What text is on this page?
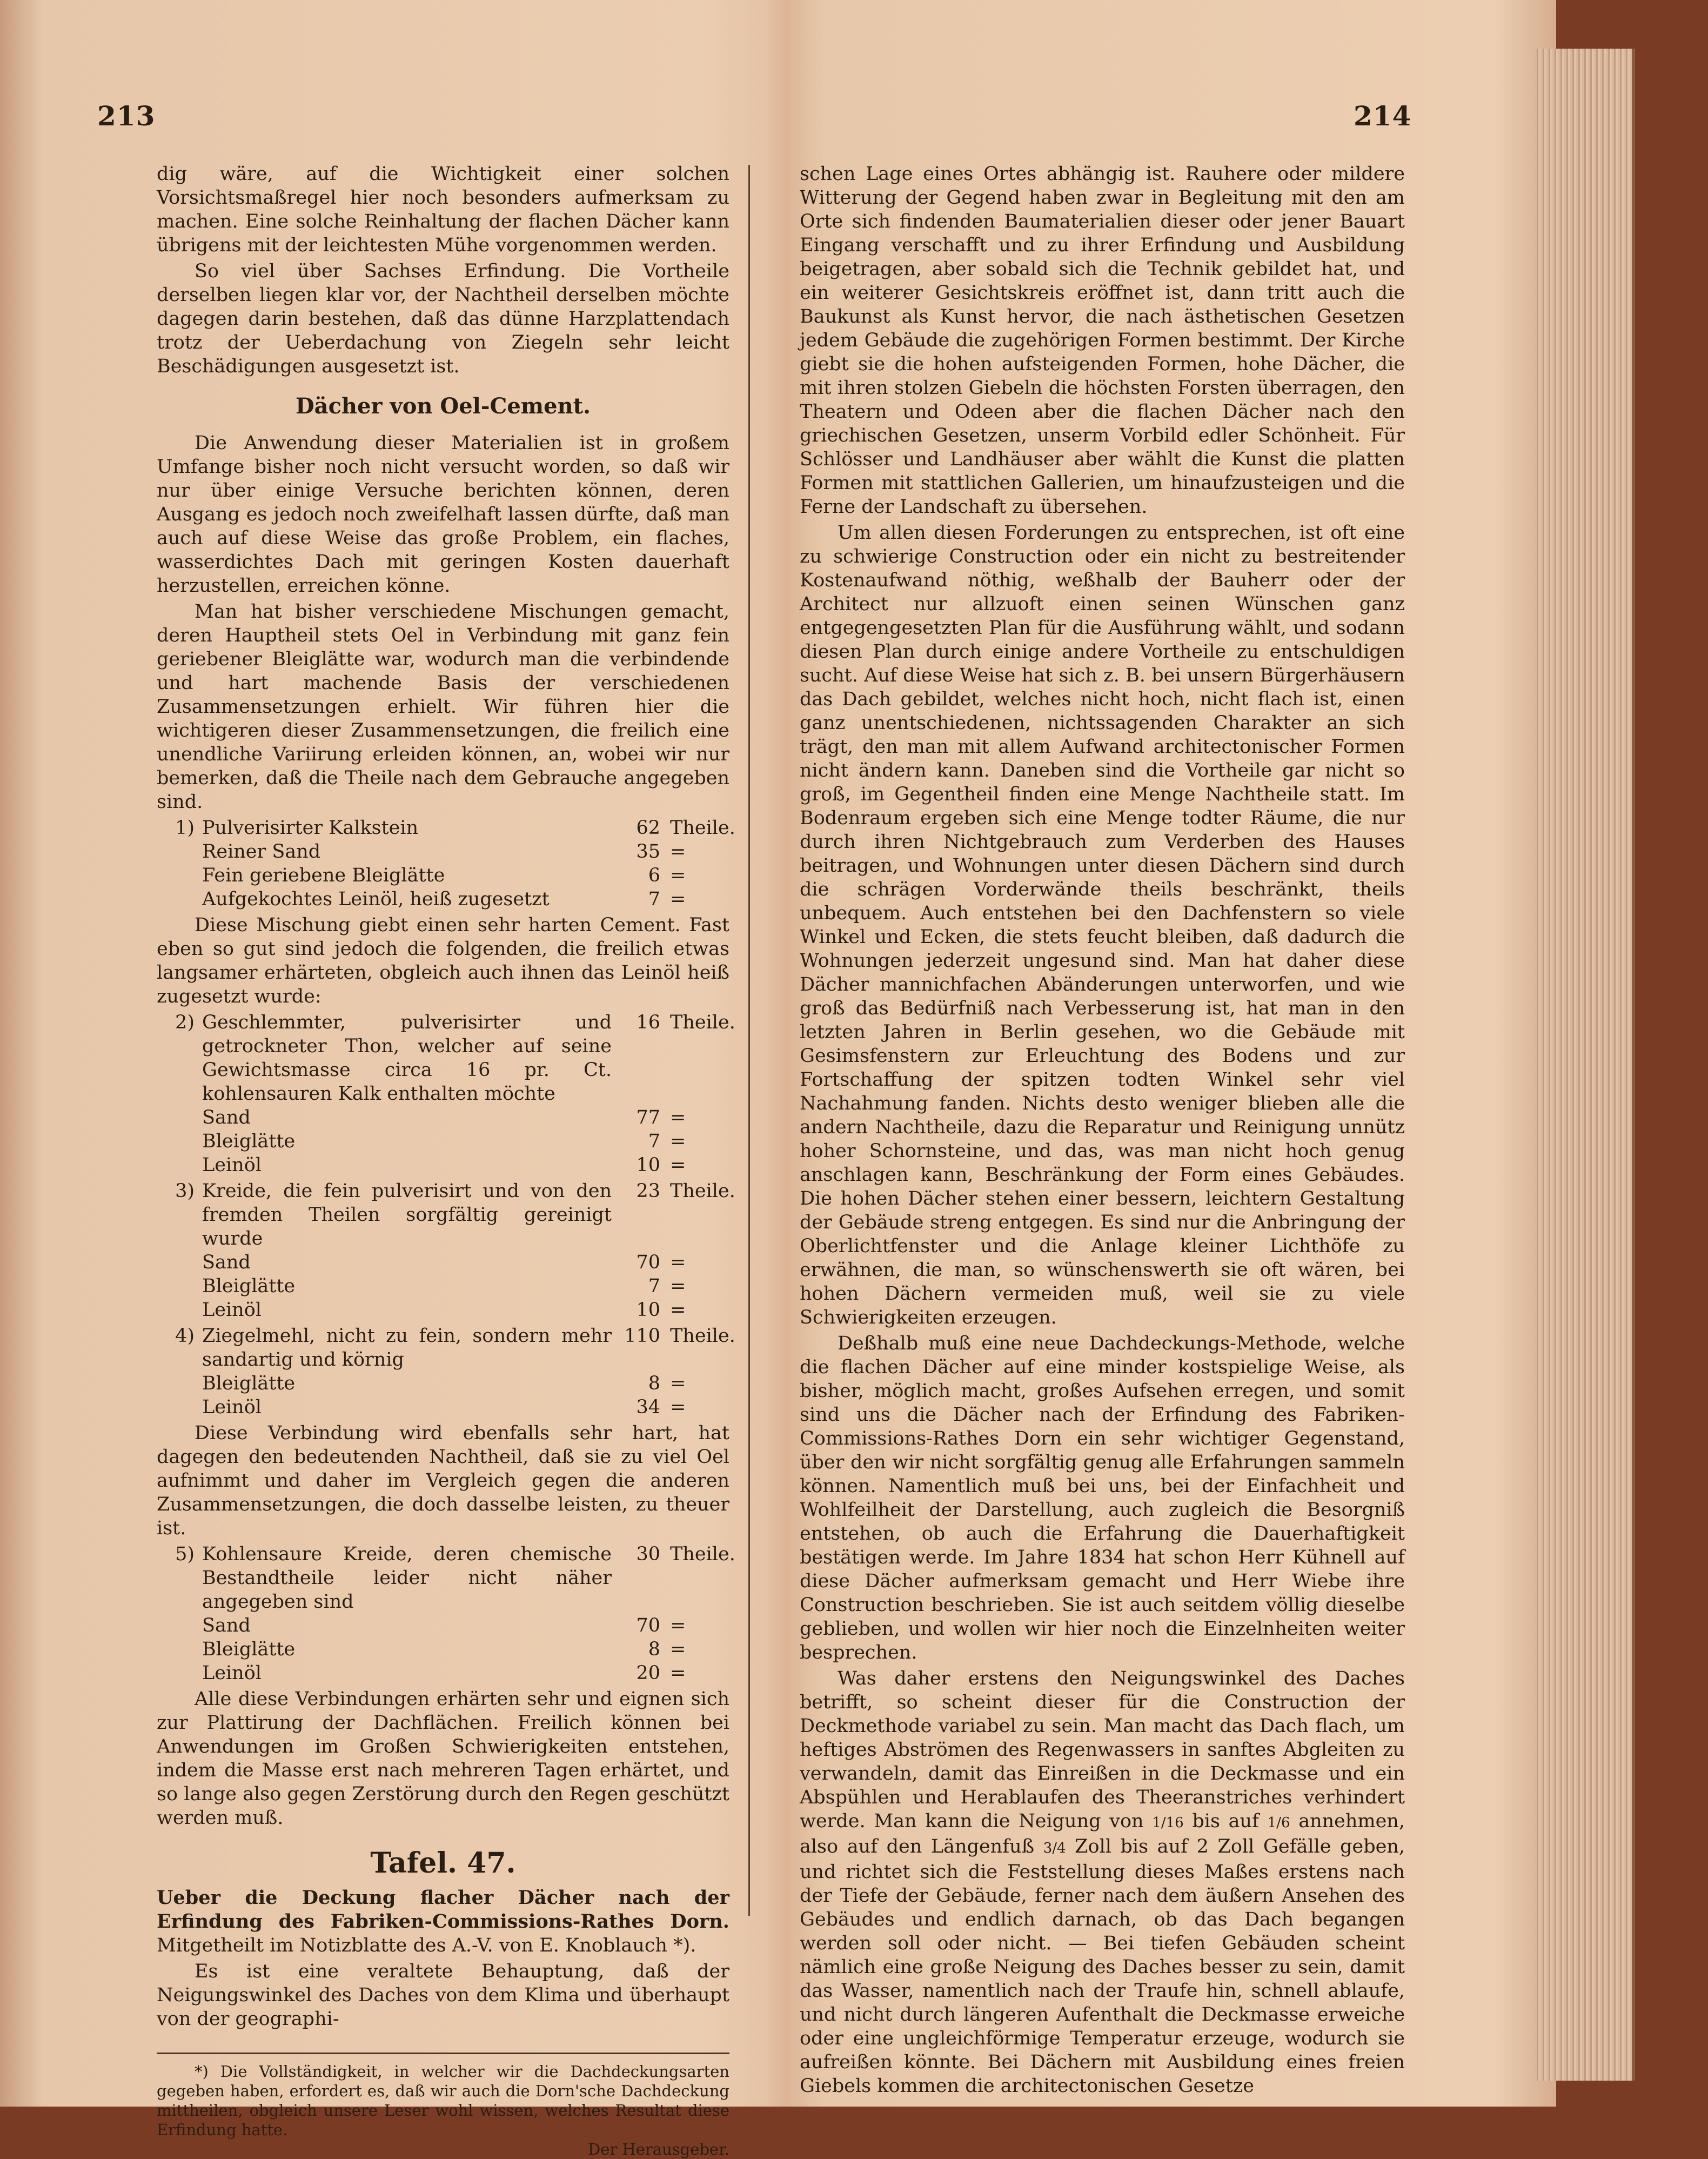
213	214

dig wäre, auf die Wichtigkeit einer solchen Vorsichtsmaßregel hier noch besonders aufmerksam zu machen. Eine solche Reinhaltung der flachen Dächer kann übrigens mit der leichtesten Mühe vorgenommen werden.

So viel über Sachses Erfindung. Die Vortheile derselben liegen klar vor, der Nachtheil derselben möchte dagegen darin bestehen, daß das dünne Harzplattendach trotz der Ueberdachung von Ziegeln sehr leicht Beschädigungen ausgesetzt ist.

Dächer von Oel-Cement.

Die Anwendung dieser Materialien ist in großem Umfange bisher noch nicht versucht worden, so daß wir nur über einige Versuche berichten können, deren Ausgang es jedoch noch zweifelhaft lassen dürfte, daß man auch auf diese Weise das große Problem, ein flaches, wasserdichtes Dach mit geringen Kosten dauerhaft herzustellen, erreichen könne.

Man hat bisher verschiedene Mischungen gemacht, deren Hauptheil stets Oel in Verbindung mit ganz fein geriebener Bleiglätte war, wodurch man die verbindende und hart machende Basis der verschiedenen Zusammensetzungen erhielt. Wir führen hier die wichtigeren dieser Zusammensetzungen, die freilich eine unendliche Variirung erleiden können, an, wobei wir nur bemerken, daß die Theile nach dem Gebrauche angegeben sind.

1) Pulverisirter Kalkstein	62 Theile.
Reiner Sand	35 =
Fein geriebene Bleiglätte	6 =
Aufgekochtes Leinöl, heiß zugesetzt	7 =

Diese Mischung giebt einen sehr harten Cement. Fast eben so gut sind jedoch die folgenden, die freilich etwas langsamer erhärteten, obgleich auch ihnen das Leinöl heiß zugesetzt wurde:

2) Geschlemmter, pulverisirter und getrockneter Thon, welcher auf seine Gewichtsmasse circa 16 pr. Ct. kohlensauren Kalk enthalten möchte
16 Theile.
Sand	77 =
Bleiglätte	7 =
Leinöl	10 =
3) Kreide, die fein pulverisirt und von den fremden Theilen sorgfältig gereinigt wurde
23 Theile.
Sand	70 =
Bleiglätte	7 =
Leinöl	10 =
4) Ziegelmehl, nicht zu fein, sondern mehr sandartig und körnig
110 Theile.
Bleiglätte	8 =
Leinöl	34 =

Diese Verbindung wird ebenfalls sehr hart, hat dagegen den bedeutenden Nachtheil, daß sie zu viel Oel aufnimmt und daher im Vergleich gegen die anderen Zusammensetzungen, die doch dasselbe leisten, zu theuer ist.

5) Kohlensaure Kreide, deren chemische Bestandtheile leider nicht näher angegeben sind
30 Theile.
Sand	70 =
Bleiglätte	8 =
Leinöl	20 =

Alle diese Verbindungen erhärten sehr und eignen sich zur Plattirung der Dachflächen. Freilich können bei Anwendungen im Großen Schwierigkeiten entstehen, indem die Masse erst nach mehreren Tagen erhärtet, und so lange also gegen Zerstörung durch den Regen geschützt werden muß.

Tafel. 47.

Ueber die Deckung flacher Dächer nach der Erfindung des Fabriken-Commissions-Rathes Dorn. Mitgetheilt im Notizblatte des A.-V. von E. Knoblauch *).

Es ist eine veraltete Behauptung, daß der Neigungswinkel des Daches von dem Klima und überhaupt von der geographi-

*) Die Vollständigkeit, in welcher wir die Dachdeckungsarten gegeben haben, erfordert es, daß wir auch die Dorn'sche Dachdeckung mittheilen, obgleich unsere Leser wohl wissen, welches Resultat diese Erfindung hatte.

Der Herausgeber.

schen Lage eines Ortes abhängig ist. Rauhere oder mildere Witterung der Gegend haben zwar in Begleitung mit den am Orte sich findenden Baumaterialien dieser oder jener Bauart Eingang verschafft und zu ihrer Erfindung und Ausbildung beigetragen, aber sobald sich die Technik gebildet hat, und ein weiterer Gesichtskreis eröffnet ist, dann tritt auch die Baukunst als Kunst hervor, die nach ästhetischen Gesetzen jedem Gebäude die zugehörigen Formen bestimmt. Der Kirche giebt sie die hohen aufsteigenden Formen, hohe Dächer, die mit ihren stolzen Giebeln die höchsten Forsten überragen, den Theatern und Odeen aber die flachen Dächer nach den griechischen Gesetzen, unserm Vorbild edler Schönheit. Für Schlösser und Landhäuser aber wählt die Kunst die platten Formen mit stattlichen Gallerien, um hinaufzusteigen und die Ferne der Landschaft zu übersehen.

Um allen diesen Forderungen zu entsprechen, ist oft eine zu schwierige Construction oder ein nicht zu bestreitender Kostenaufwand nöthig, weßhalb der Bauherr oder der Architect nur allzuoft einen seinen Wünschen ganz entgegengesetzten Plan für die Ausführung wählt, und sodann diesen Plan durch einige andere Vortheile zu entschuldigen sucht. Auf diese Weise hat sich z. B. bei unsern Bürgerhäusern das Dach gebildet, welches nicht hoch, nicht flach ist, einen ganz unentschiedenen, nichtssagenden Charakter an sich trägt, den man mit allem Aufwand architectonischer Formen nicht ändern kann. Daneben sind die Vortheile gar nicht so groß, im Gegentheil finden eine Menge Nachtheile statt. Im Bodenraum ergeben sich eine Menge todter Räume, die nur durch ihren Nichtgebrauch zum Verderben des Hauses beitragen, und Wohnungen unter diesen Dächern sind durch die schrägen Vorderwände theils beschränkt, theils unbequem. Auch entstehen bei den Dachfenstern so viele Winkel und Ecken, die stets feucht bleiben, daß dadurch die Wohnungen jederzeit ungesund sind. Man hat daher diese Dächer mannichfachen Abänderungen unterworfen, und wie groß das Bedürfniß nach Verbesserung ist, hat man in den letzten Jahren in Berlin gesehen, wo die Gebäude mit Gesimsfenstern zur Erleuchtung des Bodens und zur Fortschaffung der spitzen todten Winkel sehr viel Nachahmung fanden. Nichts desto weniger blieben alle die andern Nachtheile, dazu die Reparatur und Reinigung unnütz hoher Schornsteine, und das, was man nicht hoch genug anschlagen kann, Beschränkung der Form eines Gebäudes. Die hohen Dächer stehen einer bessern, leichtern Gestaltung der Gebäude streng entgegen. Es sind nur die Anbringung der Oberlichtfenster und die Anlage kleiner Lichthöfe zu erwähnen, die man, so wünschenswerth sie oft wären, bei hohen Dächern vermeiden muß, weil sie zu viele Schwierigkeiten erzeugen.

Deßhalb muß eine neue Dachdeckungs-Methode, welche die flachen Dächer auf eine minder kostspielige Weise, als bisher, möglich macht, großes Aufsehen erregen, und somit sind uns die Dächer nach der Erfindung des Fabriken-Commissions-Rathes Dorn ein sehr wichtiger Gegenstand, über den wir nicht sorgfältig genug alle Erfahrungen sammeln können. Namentlich muß bei uns, bei der Einfachheit und Wohlfeilheit der Darstellung, auch zugleich die Besorgniß entstehen, ob auch die Erfahrung die Dauerhaftigkeit bestätigen werde. Im Jahre 1834 hat schon Herr Kühnell auf diese Dächer aufmerksam gemacht und Herr Wiebe ihre Construction beschrieben. Sie ist auch seitdem völlig dieselbe geblieben, und wollen wir hier noch die Einzelnheiten weiter besprechen.

Was daher erstens den Neigungswinkel des Daches betrifft, so scheint dieser für die Construction der Deckmethode variabel zu sein. Man macht das Dach flach, um heftiges Abströmen des Regenwassers in sanftes Abgleiten zu verwandeln, damit das Einreißen in die Deckmasse und ein Abspühlen und Herablaufen des Theeranstriches verhindert werde. Man kann die Neigung von 1/16 bis auf 1/6 annehmen, also auf den Längenfuß 3/4 Zoll bis auf 2 Zoll Gefälle geben, und richtet sich die Feststellung dieses Maßes erstens nach der Tiefe der Gebäude, ferner nach dem äußern Ansehen des Gebäudes und endlich darnach, ob das Dach begangen werden soll oder nicht. — Bei tiefen Gebäuden scheint nämlich eine große Neigung des Daches besser zu sein, damit das Wasser, namentlich nach der Traufe hin, schnell ablaufe, und nicht durch längeren Aufenthalt die Deckmasse erweiche oder eine ungleichförmige Temperatur erzeuge, wodurch sie aufreißen könnte. Bei Dächern mit Ausbildung eines freien Giebels kommen die architectonischen Gesetze
